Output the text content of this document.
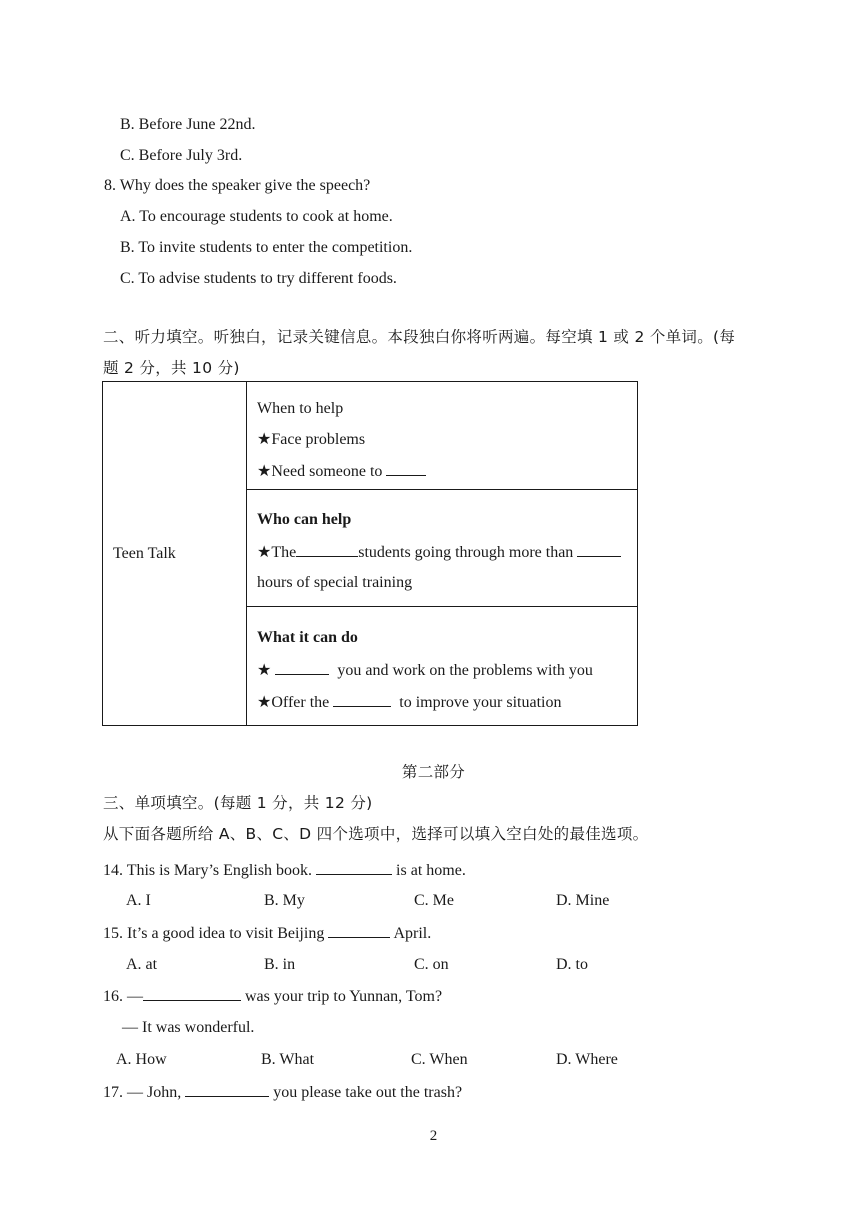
B. Before June 22nd.
C. Before July 3rd.
8. Why does the speaker give the speech?
A. To encourage students to cook at home.
B. To invite students to enter the competition.
C. To advise students to try different foods.
二、听力填空。听独白，记录关键信息。本段独白你将听两遍。每空填 1 或 2 个单词。(每
题 2 分，共 10 分)
Teen Talk	
When to help
★Face problems
★Need someone to

Who can help
★The	students going through more than
hours of special training

What it can do
★	you and work on the problems with you
★Offer the	to improve your situation
第二部分
三、单项填空。(每题 1 分，共 12 分)
从下面各题所给 A、B、C、D 四个选项中，选择可以填入空白处的最佳选项。
14. This is Mary’s English book.	is at home.
A. I	B. My	C. Me	D. Mine
15. It’s a good idea to visit Beijing	April.
A. at	B. in	C. on	D. to
16. —	was your trip to Yunnan, Tom?
— It was wonderful.
A. How	B. What	C. When	D. Where
17. — John,	you please take out the trash?
2
